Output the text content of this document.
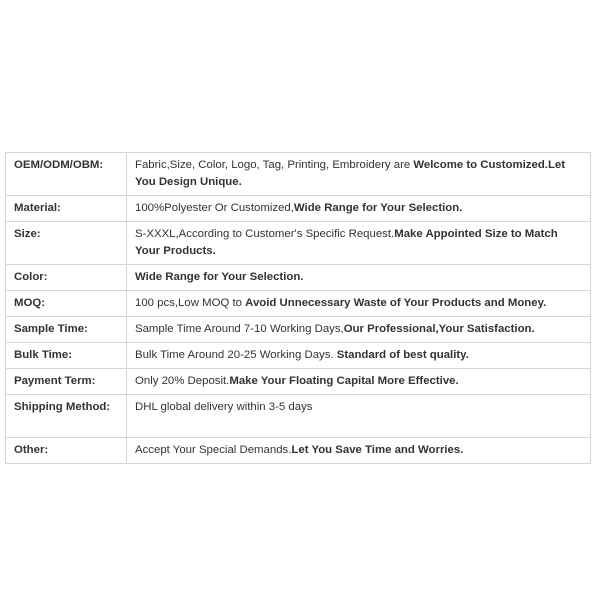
OEM/ODM/OBM:	Fabric,Size, Color, Logo, Tag, Printing, Embroidery are Welcome to Customized.Let You Design Unique.
Material:	100%Polyester Or Customized,Wide Range for Your Selection.
Size:	S-XXXL,According to Customer's Specific Request.Make Appointed Size to Match Your Products.
Color:	Wide Range for Your Selection.
MOQ:	100 pcs,Low MOQ to Avoid Unnecessary Waste of Your Products and Money.
Sample Time:	Sample Time Around 7-10 Working Days,Our Professional,Your Satisfaction.
Bulk Time:	Bulk Time Around 20-25 Working Days. Standard of best quality.
Payment Term:	Only 20% Deposit.Make Your Floating Capital More Effective.
Shipping Method:	DHL global delivery within 3-5 days
Other:	Accept Your Special Demands.Let You Save Time and Worries.
